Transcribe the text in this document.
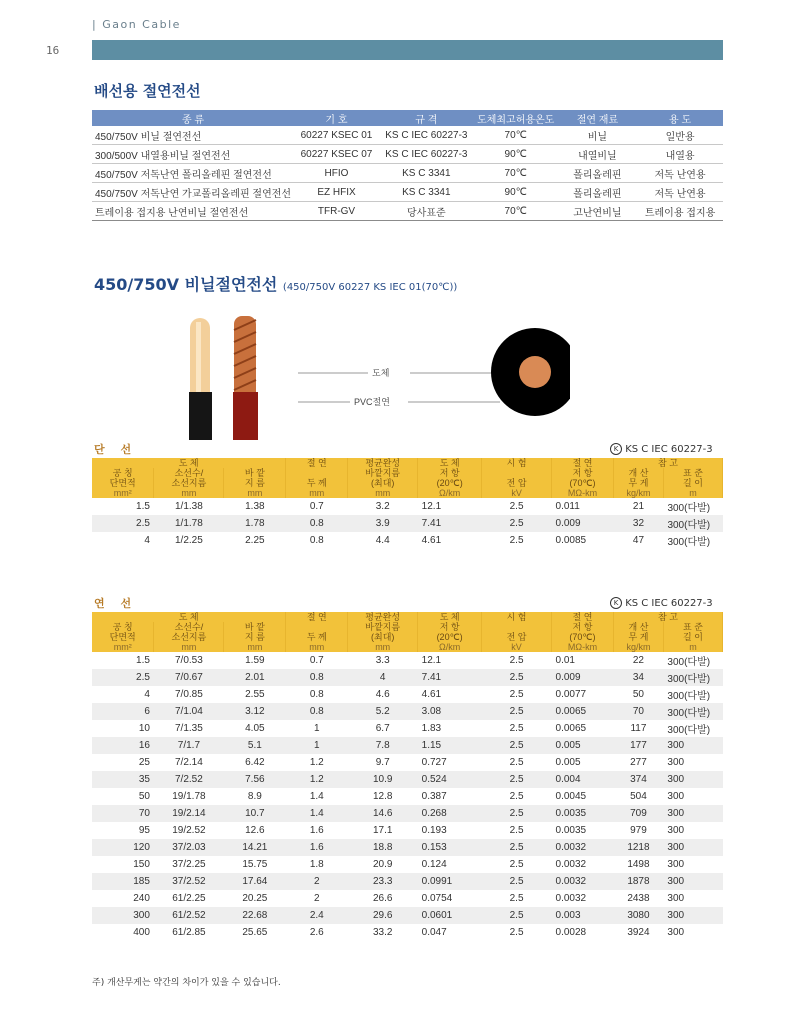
| Gaon Cable
16
배선용 절연전선
종 류	기 호	규 격	도체최고허용온도	절연 재료	용 도
450/750V 비닐 절연전선	60227 KSEC 01	KS C IEC 60227-3	70℃	비닐	일반용
300/500V 내열용비닐 절연전선	60227 KSEC 07	KS C IEC 60227-3	90℃	내열비닐	내열용
450/750V 저독난연 폴리올레핀 절연전선	HFIO	KS C 3341	70℃	폴리올레핀	저독 난연용
450/750V 저독난연 가교폴리올레핀 절연전선	EZ HFIX	KS C 3341	90℃	폴리올레핀	저독 난연용
트레이용 접지용 난연비닐 절연전선	TFR-GV	당사표준	70℃	고난연비닐	트레이용 접지용
450/750V 비닐절연전선 (450/750V 60227 KS IEC 01(70℃))
도체
PVC절연
단 선	K KS C IEC 60227-3
도 체			절 연	평균완성	도 체	시 험	절 연	참 고	
공 칭	소선수/	바 깥		바깥지름	저 항		저 항	개 산	표 준
단면적	소선지름	지 름	두 께	(최대)	(20℃)	전 압	(70℃)	무 게	길 이
mm²	mm	mm	mm	mm	Ω/km	kV	MΩ-km	kg/km	m
1.5	1/1.38	1.38	0.7	3.2	12.1	2.5	0.011	21	300(다발)
2.5	1/1.78	1.78	0.8	3.9	7.41	2.5	0.009	32	300(다발)
4	1/2.25	2.25	0.8	4.4	4.61	2.5	0.0085	47	300(다발)
연 선	K KS C IEC 60227-3
도 체			절 연	평균완성	도 체	시 험	절 연	참 고	
공 칭	소선수/	바 깥		바깥지름	저 항		저 항	개 산	표 준
단면적	소선지름	지 름	두 께	(최대)	(20℃)	전 압	(70℃)	무 게	길 이
mm²	mm	mm	mm	mm	Ω/km	kV	MΩ-km	kg/km	m
1.5	7/0.53	1.59	0.7	3.3	12.1	2.5	0.01	22	300(다발)
2.5	7/0.67	2.01	0.8	4	7.41	2.5	0.009	34	300(다발)
4	7/0.85	2.55	0.8	4.6	4.61	2.5	0.0077	50	300(다발)
6	7/1.04	3.12	0.8	5.2	3.08	2.5	0.0065	70	300(다발)
10	7/1.35	4.05	1	6.7	1.83	2.5	0.0065	117	300(다발)
16	7/1.7	5.1	1	7.8	1.15	2.5	0.005	177	300
25	7/2.14	6.42	1.2	9.7	0.727	2.5	0.005	277	300
35	7/2.52	7.56	1.2	10.9	0.524	2.5	0.004	374	300
50	19/1.78	8.9	1.4	12.8	0.387	2.5	0.0045	504	300
70	19/2.14	10.7	1.4	14.6	0.268	2.5	0.0035	709	300
95	19/2.52	12.6	1.6	17.1	0.193	2.5	0.0035	979	300
120	37/2.03	14.21	1.6	18.8	0.153	2.5	0.0032	1218	300
150	37/2.25	15.75	1.8	20.9	0.124	2.5	0.0032	1498	300
185	37/2.52	17.64	2	23.3	0.0991	2.5	0.0032	1878	300
240	61/2.25	20.25	2	26.6	0.0754	2.5	0.0032	2438	300
300	61/2.52	22.68	2.4	29.6	0.0601	2.5	0.003	3080	300
400	61/2.85	25.65	2.6	33.2	0.047	2.5	0.0028	3924	300
주) 개산무게는 약간의 차이가 있을 수 있습니다.
